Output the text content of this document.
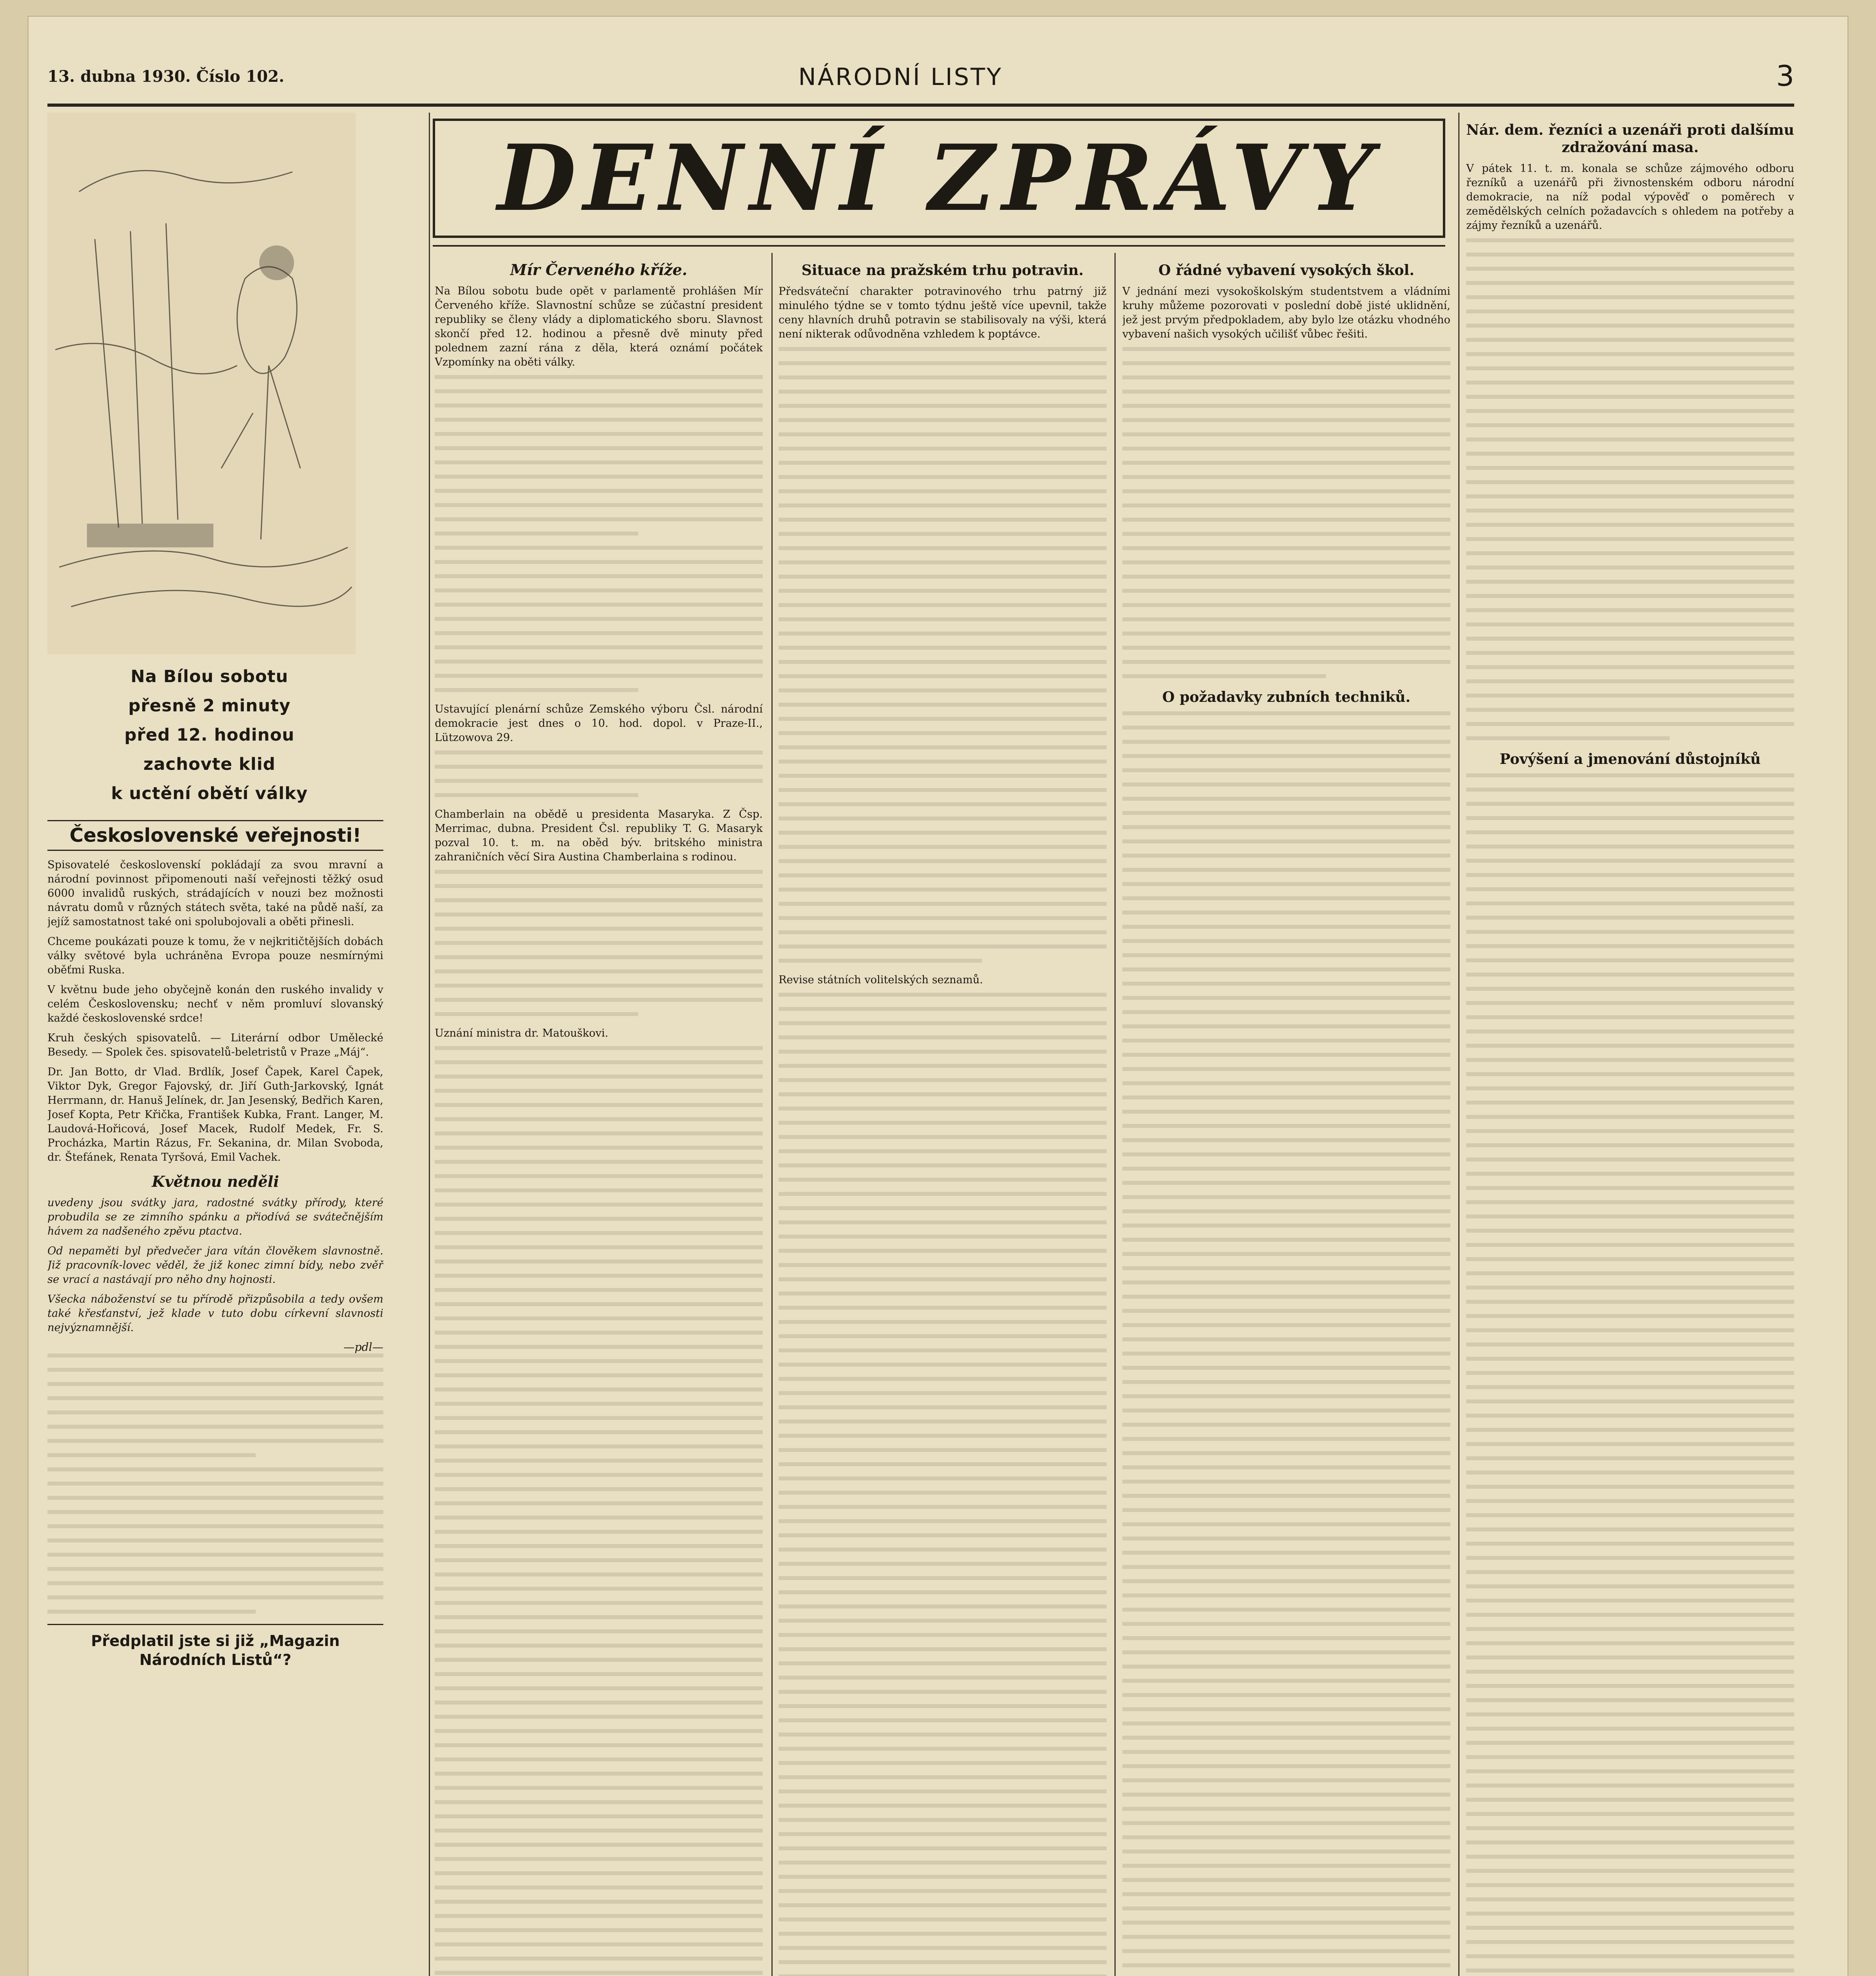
13. dubna 1930. Číslo 102.	NÁRODNÍ LISTY	3
DENNÍ ZPRÁVY
Na Bílou sobotu
přesně 2 minuty
před 12. hodinou
zachovte klid
k uctění obětí války
Československé veřejnosti!

Spisovatelé československí pokládají za svou mravní a národní povinnost připomenouti naší veřejnosti těžký osud 6000 invalidů ruských, strádajících v nouzi bez možnosti návratu domů v různých státech světa, také na půdě naší, za jejíž samostatnost také oni spolubojovali a oběti přinesli.

Chceme poukázati pouze k tomu, že v nejkritičtějších dobách války světové byla uchráněna Evropa pouze nesmírnými oběťmi Ruska.

V květnu bude jeho obyčejně konán den ruského invalidy v celém Československu; nechť v něm promluví slovanský každé československé srdce!

Kruh českých spisovatelů. — Literární odbor Umělecké Besedy. — Spolek čes. spisovatelů-beletristů v Praze „Máj“.

Dr. Jan Botto, dr Vlad. Brdlík, Josef Čapek, Karel Čapek, Viktor Dyk, Gregor Fajovský, dr. Jiří Guth-Jarkovský, Ignát Herrmann, dr. Hanuš Jelínek, dr. Jan Jesenský, Bedřich Karen, Josef Kopta, Petr Křička, František Kubka, Frant. Langer, M. Laudová-Hořicová, Josef Macek, Rudolf Medek, Fr. S. Procházka, Martin Rázus, Fr. Sekanina, dr. Milan Svoboda, dr. Štefánek, Renata Tyršová, Emil Vachek.

Květnou neděli

uvedeny jsou svátky jara, radostné svátky přírody, které probudila se ze zimního spánku a přiodívá se svátečnějším hávem za nadšeného zpěvu ptactva.

Od nepaměti byl předvečer jara vítán člověkem slavnostně. Již pracovník-lovec věděl, že již konec zimní bídy, nebo zvěř se vrací a nastávají pro něho dny hojnosti.

Všecka náboženství se tu přírodě přizpůsobila a tedy ovšem také křesťanství, jež klade v tuto dobu církevní slavnosti nejvýznamnější.

—pdl—
Předplatil jste si již „Magazin Národních Listů“?
Mír Červeného kříže.

Na Bílou sobotu bude opět v parlamentě prohlášen Mír Červeného kříže. Slavnostní schůze se zúčastní president republiky se členy vlády a diplomatického sboru. Slavnost skončí před 12. hodinou a přesně dvě minuty před polednem zazní rána z děla, která oznámí počátek Vzpomínky na oběti války.

Ustavující plenární schůze Zemského výboru Čsl. národní demokracie jest dnes o 10. hod. dopol. v Praze-II., Lützowova 29.

Chamberlain na obědě u presidenta Masaryka. Z Čsp. Merrimac, dubna. President Čsl. republiky T. G. Masaryk pozval 10. t. m. na oběd býv. britského ministra zahraničních věcí Sira Austina Chamberlaina s rodinou.

Uznání ministra dr. Matouškovi.

Situace na pražském trhu potravin.

Předsváteční charakter potravinového trhu patrný již minulého týdne se v tomto týdnu ještě více upevnil, takže ceny hlavních druhů potravin se stabilisovaly na výši, která není nikterak odůvodněna vzhledem k poptávce.

Revise státních volitelských seznamů.

O řádné vybavení vysokých škol.

V jednání mezi vysokoškolským studentstvem a vládními kruhy můžeme pozorovati v poslední době jisté uklidnění, jež jest prvým předpokladem, aby bylo lze otázku vhodného vybavení našich vysokých učilišť vůbec řešiti.

O požadavky zubních techniků.
Nár. dem. řezníci a uzenáři proti dalšímu zdražování masa.

V pátek 11. t. m. konala se schůze zájmového odboru řezníků a uzenářů při živnostenském odboru národní demokracie, na níž podal výpověď o poměrech v zemědělských celních požadavcích s ohledem na potřeby a zájmy řezníků a uzenářů.

Povýšení a jmenování důstojníků
